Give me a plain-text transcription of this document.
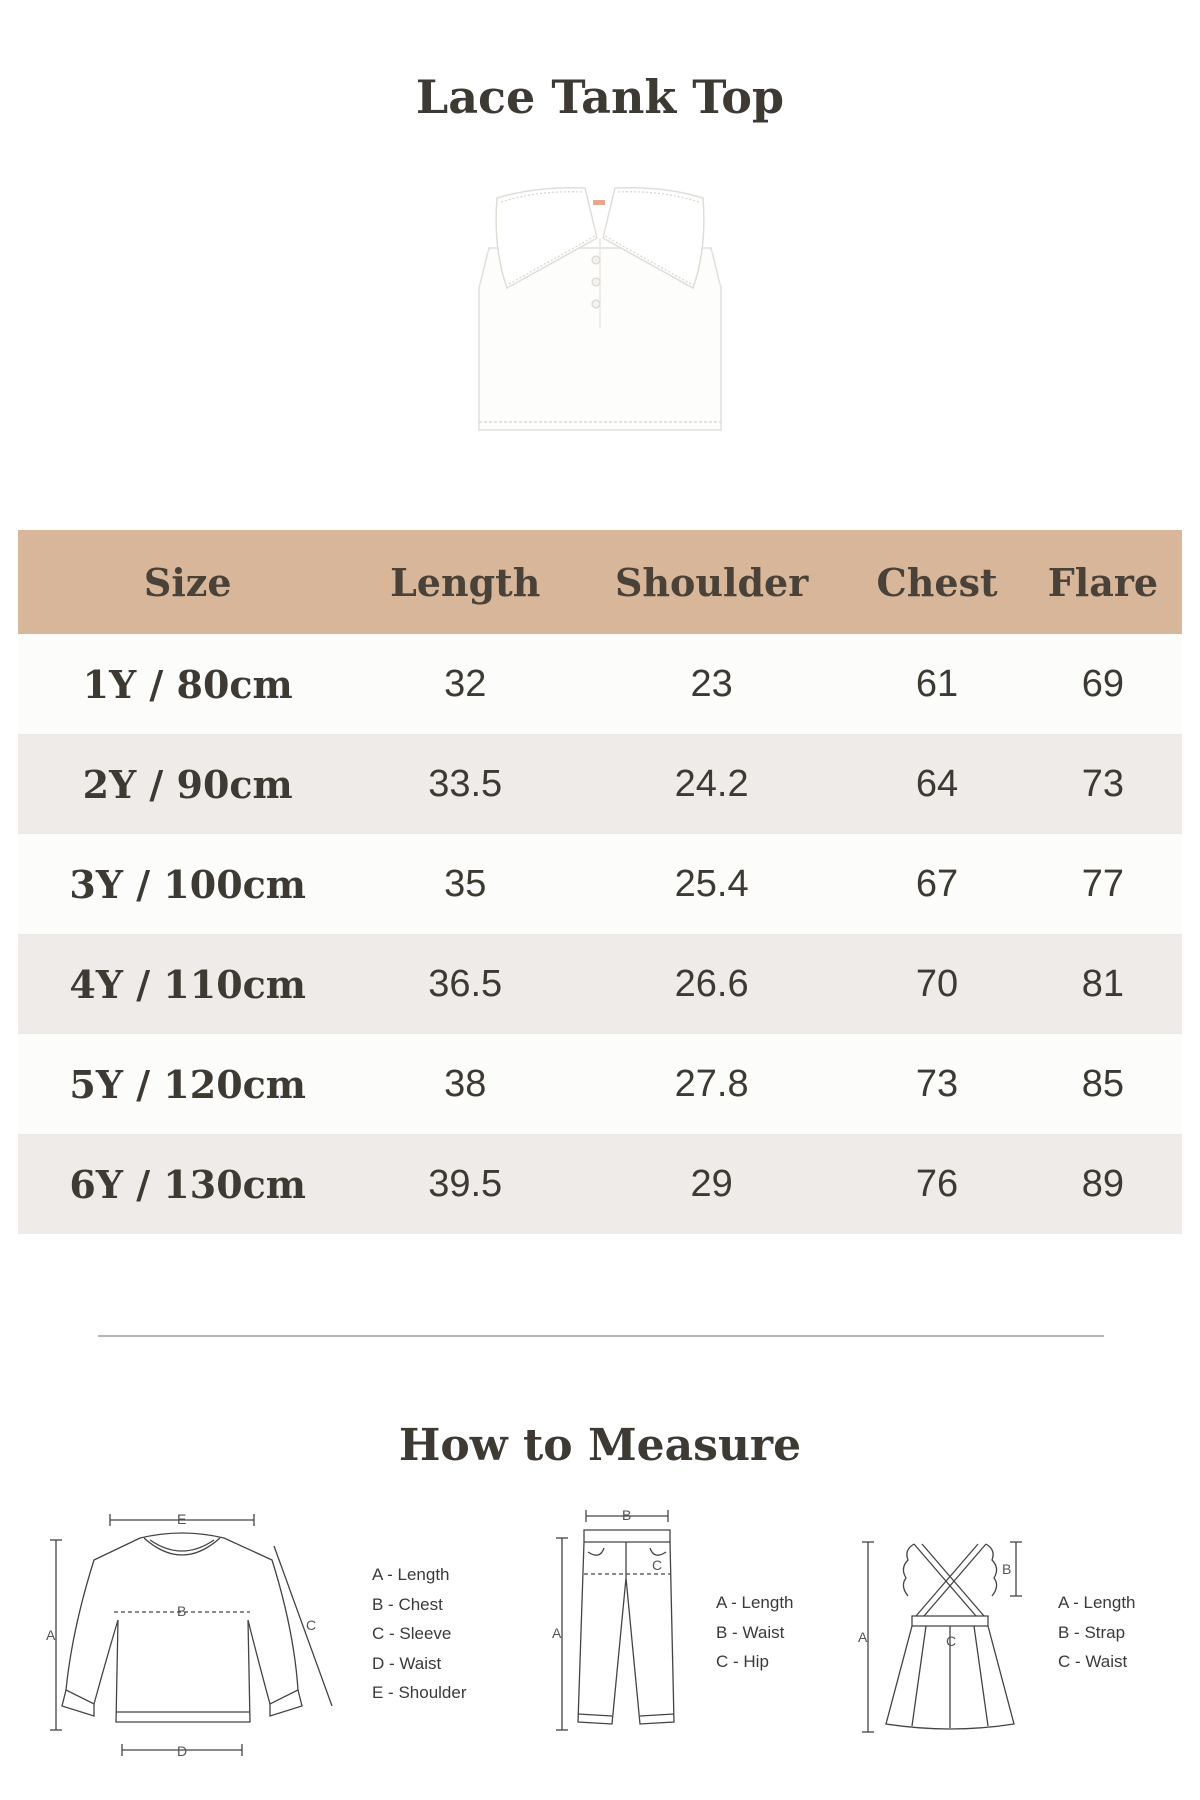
Lace Tank Top
Size	Length	Shoulder	Chest	Flare
1Y / 80cm	32	23	61	69
2Y / 90cm	33.5	24.2	64	73
3Y / 100cm	35	25.4	67	77
4Y / 110cm	36.5	26.6	70	81
5Y / 120cm	38	27.8	73	85
6Y / 130cm	39.5	29	76	89
How to Measure
E
A
B
C
D
A - Length
B - Chest
C - Sleeve
D - Waist
E - Shoulder
B
A
C
A - Length
B - Waist
C - Hip
C
A
B
A - Length
B - Strap
C - Waist
